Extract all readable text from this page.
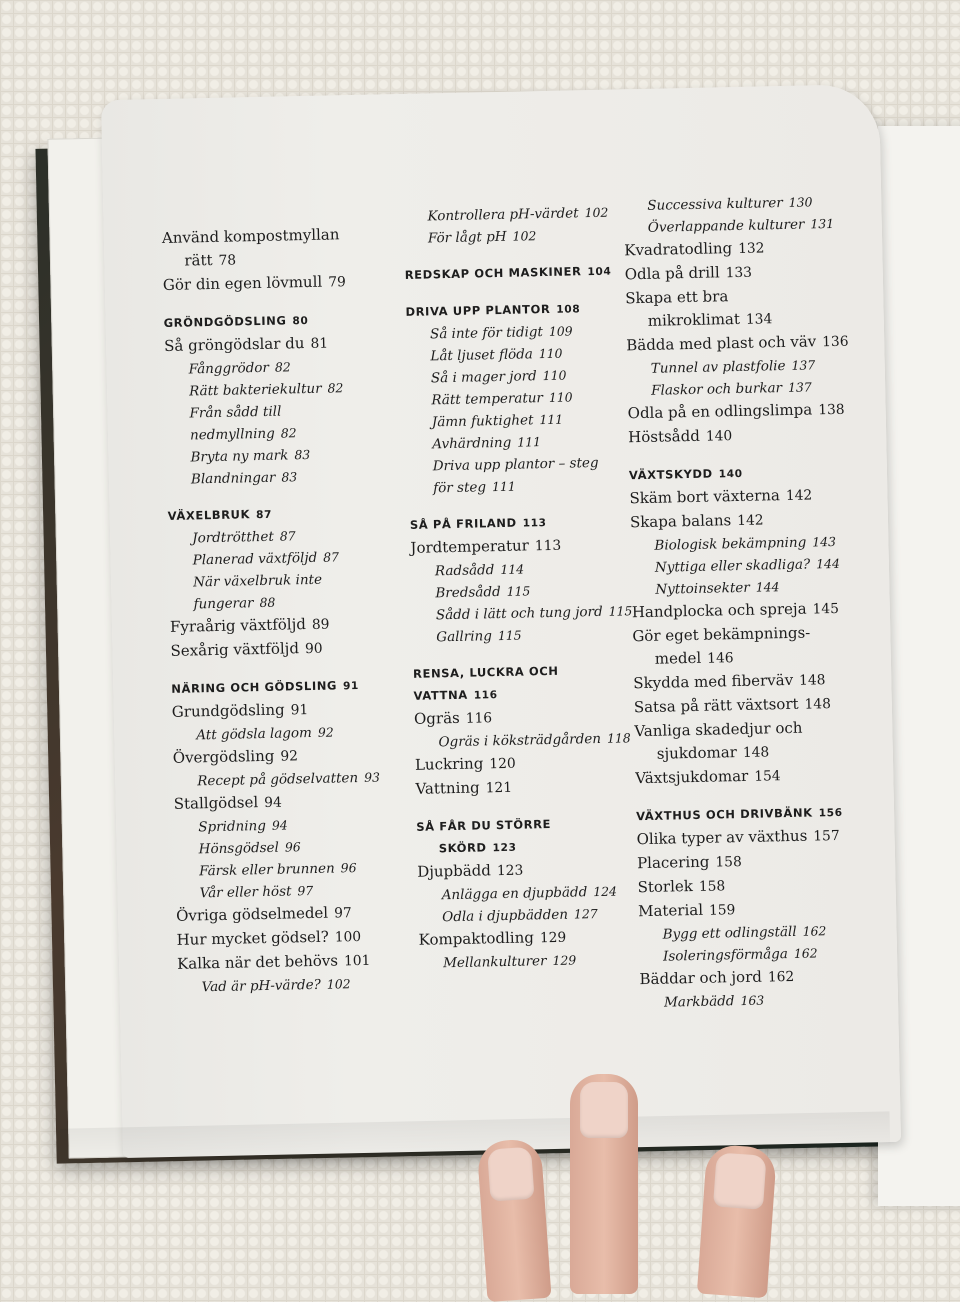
Använd kompostmyllan

rätt 78

Gör din egen lövmull 79

GRÖNDGÖDSLING 80

Så gröngödslar du 81

Fånggrödor 82

Rätt bakteriekultur 82

Från sådd till

nedmyllning 82

Bryta ny mark 83

Blandningar 83

VÄXELBRUK 87

Jordtrötthet 87

Planerad växtföljd 87

När växelbruk inte

fungerar 88

Fyraårig växtföljd 89

Sexårig växtföljd 90

NÄRING OCH GÖDSLING 91

Grundgödsling 91

Att gödsla lagom 92

Övergödsling 92

Recept på gödselvatten 93

Stallgödsel 94

Spridning 94

Hönsgödsel 96

Färsk eller brunnen 96

Vår eller höst 97

Övriga gödselmedel 97

Hur mycket gödsel? 100

Kalka när det behövs 101

Vad är pH-värde? 102

Kontrollera pH-värdet 102

För lågt pH 102

REDSKAP OCH MASKINER 104

DRIVA UPP PLANTOR 108

Så inte för tidigt 109

Låt ljuset flöda 110

Så i mager jord 110

Rätt temperatur 110

Jämn fuktighet 111

Avhärdning 111

Driva upp plantor – steg

för steg 111

SÅ PÅ FRILAND 113

Jordtemperatur 113

Radsådd 114

Bredsådd 115

Sådd i lätt och tung jord 115

Gallring 115

RENSA, LUCKRA OCH

VATTNA 116

Ogräs 116

Ogräs i köksträdgården 118

Luckring 120

Vattning 121

SÅ FÅR DU STÖRRE

SKÖRD 123

Djupbädd 123

Anlägga en djupbädd 124

Odla i djupbädden 127

Kompaktodling 129

Mellankulturer 129

Successiva kulturer 130

Överlappande kulturer 131

Kvadratodling 132

Odla på drill 133

Skapa ett bra

mikroklimat 134

Bädda med plast och väv 136

Tunnel av plastfolie 137

Flaskor och burkar 137

Odla på en odlingslimpa 138

Höstsådd 140

VÄXTSKYDD 140

Skäm bort växterna 142

Skapa balans 142

Biologisk bekämpning 143

Nyttiga eller skadliga? 144

Nyttoinsekter 144

Handplocka och spreja 145

Gör eget bekämpnings-

medel 146

Skydda med fiberväv 148

Satsa på rätt växtsort 148

Vanliga skadedjur och

sjukdomar 148

Växtsjukdomar 154

VÄXTHUS OCH DRIVBÄNK 156

Olika typer av växthus 157

Placering 158

Storlek 158

Material 159

Bygg ett odlingställ 162

Isoleringsförmåga 162

Bäddar och jord 162

Markbädd 163
